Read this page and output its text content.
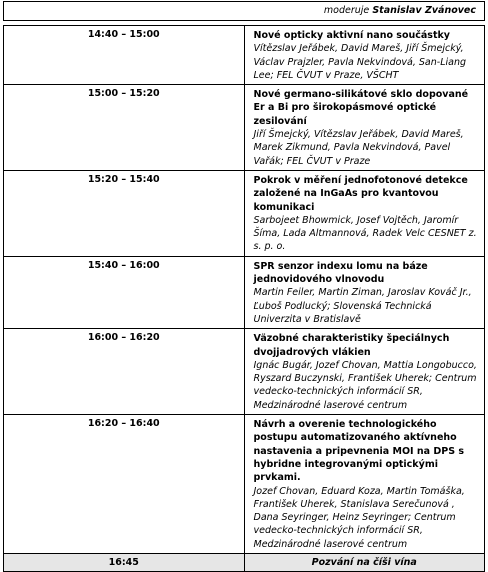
moderuje Stanislav Zvánovec	

14:40 – 15:00	Nové opticky aktivní nano součástky
Vítězslav Jeřábek, David Mareš, Jiří Šmejcký, Václav Prajzler, Pavla Nekvindová, San-Liang Lee; FEL ČVUT v Praze, VŠCHT

15:00 – 15:20	Nové germano-silikátové sklo dopované Er a Bi pro širokopásmové optické zesilování
Jiří Šmejcký, Vítězslav Jeřábek, David Mareš, Marek Zikmund, Pavla Nekvindová, Pavel Vařák; FEL ČVUT v Praze

15:20 – 15:40	Pokrok v měření jednofotonové detekce založené na InGaAs pro kvantovou komunikaci
Sarbojeet Bhowmick, Josef Vojtěch, Jaromír Šíma, Lada Altmannová, Radek Velc CESNET z. s. p. o.

15:40 – 16:00	SPR senzor indexu lomu na báze jednovidového vlnovodu
Martin Feiler, Martin Ziman, Jaroslav Kováč Jr., Ľuboš Podlucký; Slovenská Technická Univerzita v Bratislavě

16:00 – 16:20	Väzobné charakteristiky špeciálnych dvojjadrových vlákien
Ignác Bugár, Jozef Chovan, Mattia Longobucco, Ryszard Buczynski, František Uherek; Centrum vedecko-technických informácií SR, Medzinárodné laserové centrum

16:20 – 16:40	Návrh a overenie technologického postupu automatizovaného aktívneho nastavenia a pripevnenia MOI na DPS s hybridne integrovanými optickými prvkami.
Jozef Chovan, Eduard Koza, Martin Tomáška, František Uherek, Stanislava Serečunová , Dana Seyringer, Heinz Seyringer; Centrum vedecko-technických informácií SR, Medzinárodné laserové centrum

16:45	Pozvání na číši vína
